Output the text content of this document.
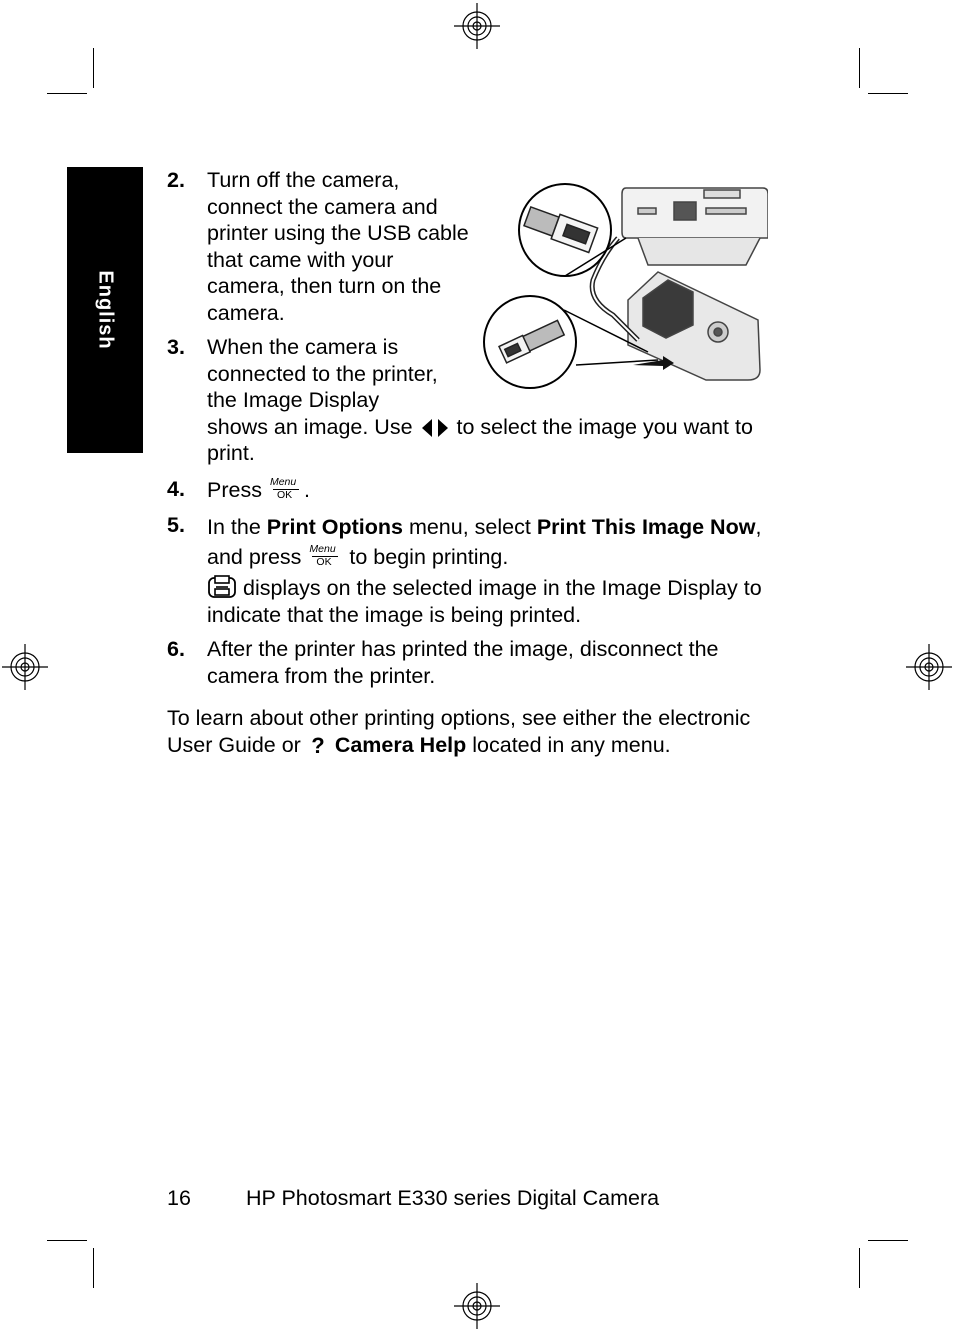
English
2.	Turn off the camera, connect the camera and printer using the USB cable that came with your camera, then turn on the camera.
3.	When the camera is connected to the printer, the Image Display
shows an image. Use to select the image you want to print.
4.	Press Menu
OK .
5.	In the Print Options menu, select Print This Image Now, and press Menu
OK to begin printing.
displays on the selected image in the Image Display to indicate that the image is being printed.
6.	After the printer has printed the image, disconnect the camera from the printer.
To learn about other printing options, see either the electronic User Guide or ? Camera Help located in any menu.
16	HP Photosmart E330 series Digital Camera
